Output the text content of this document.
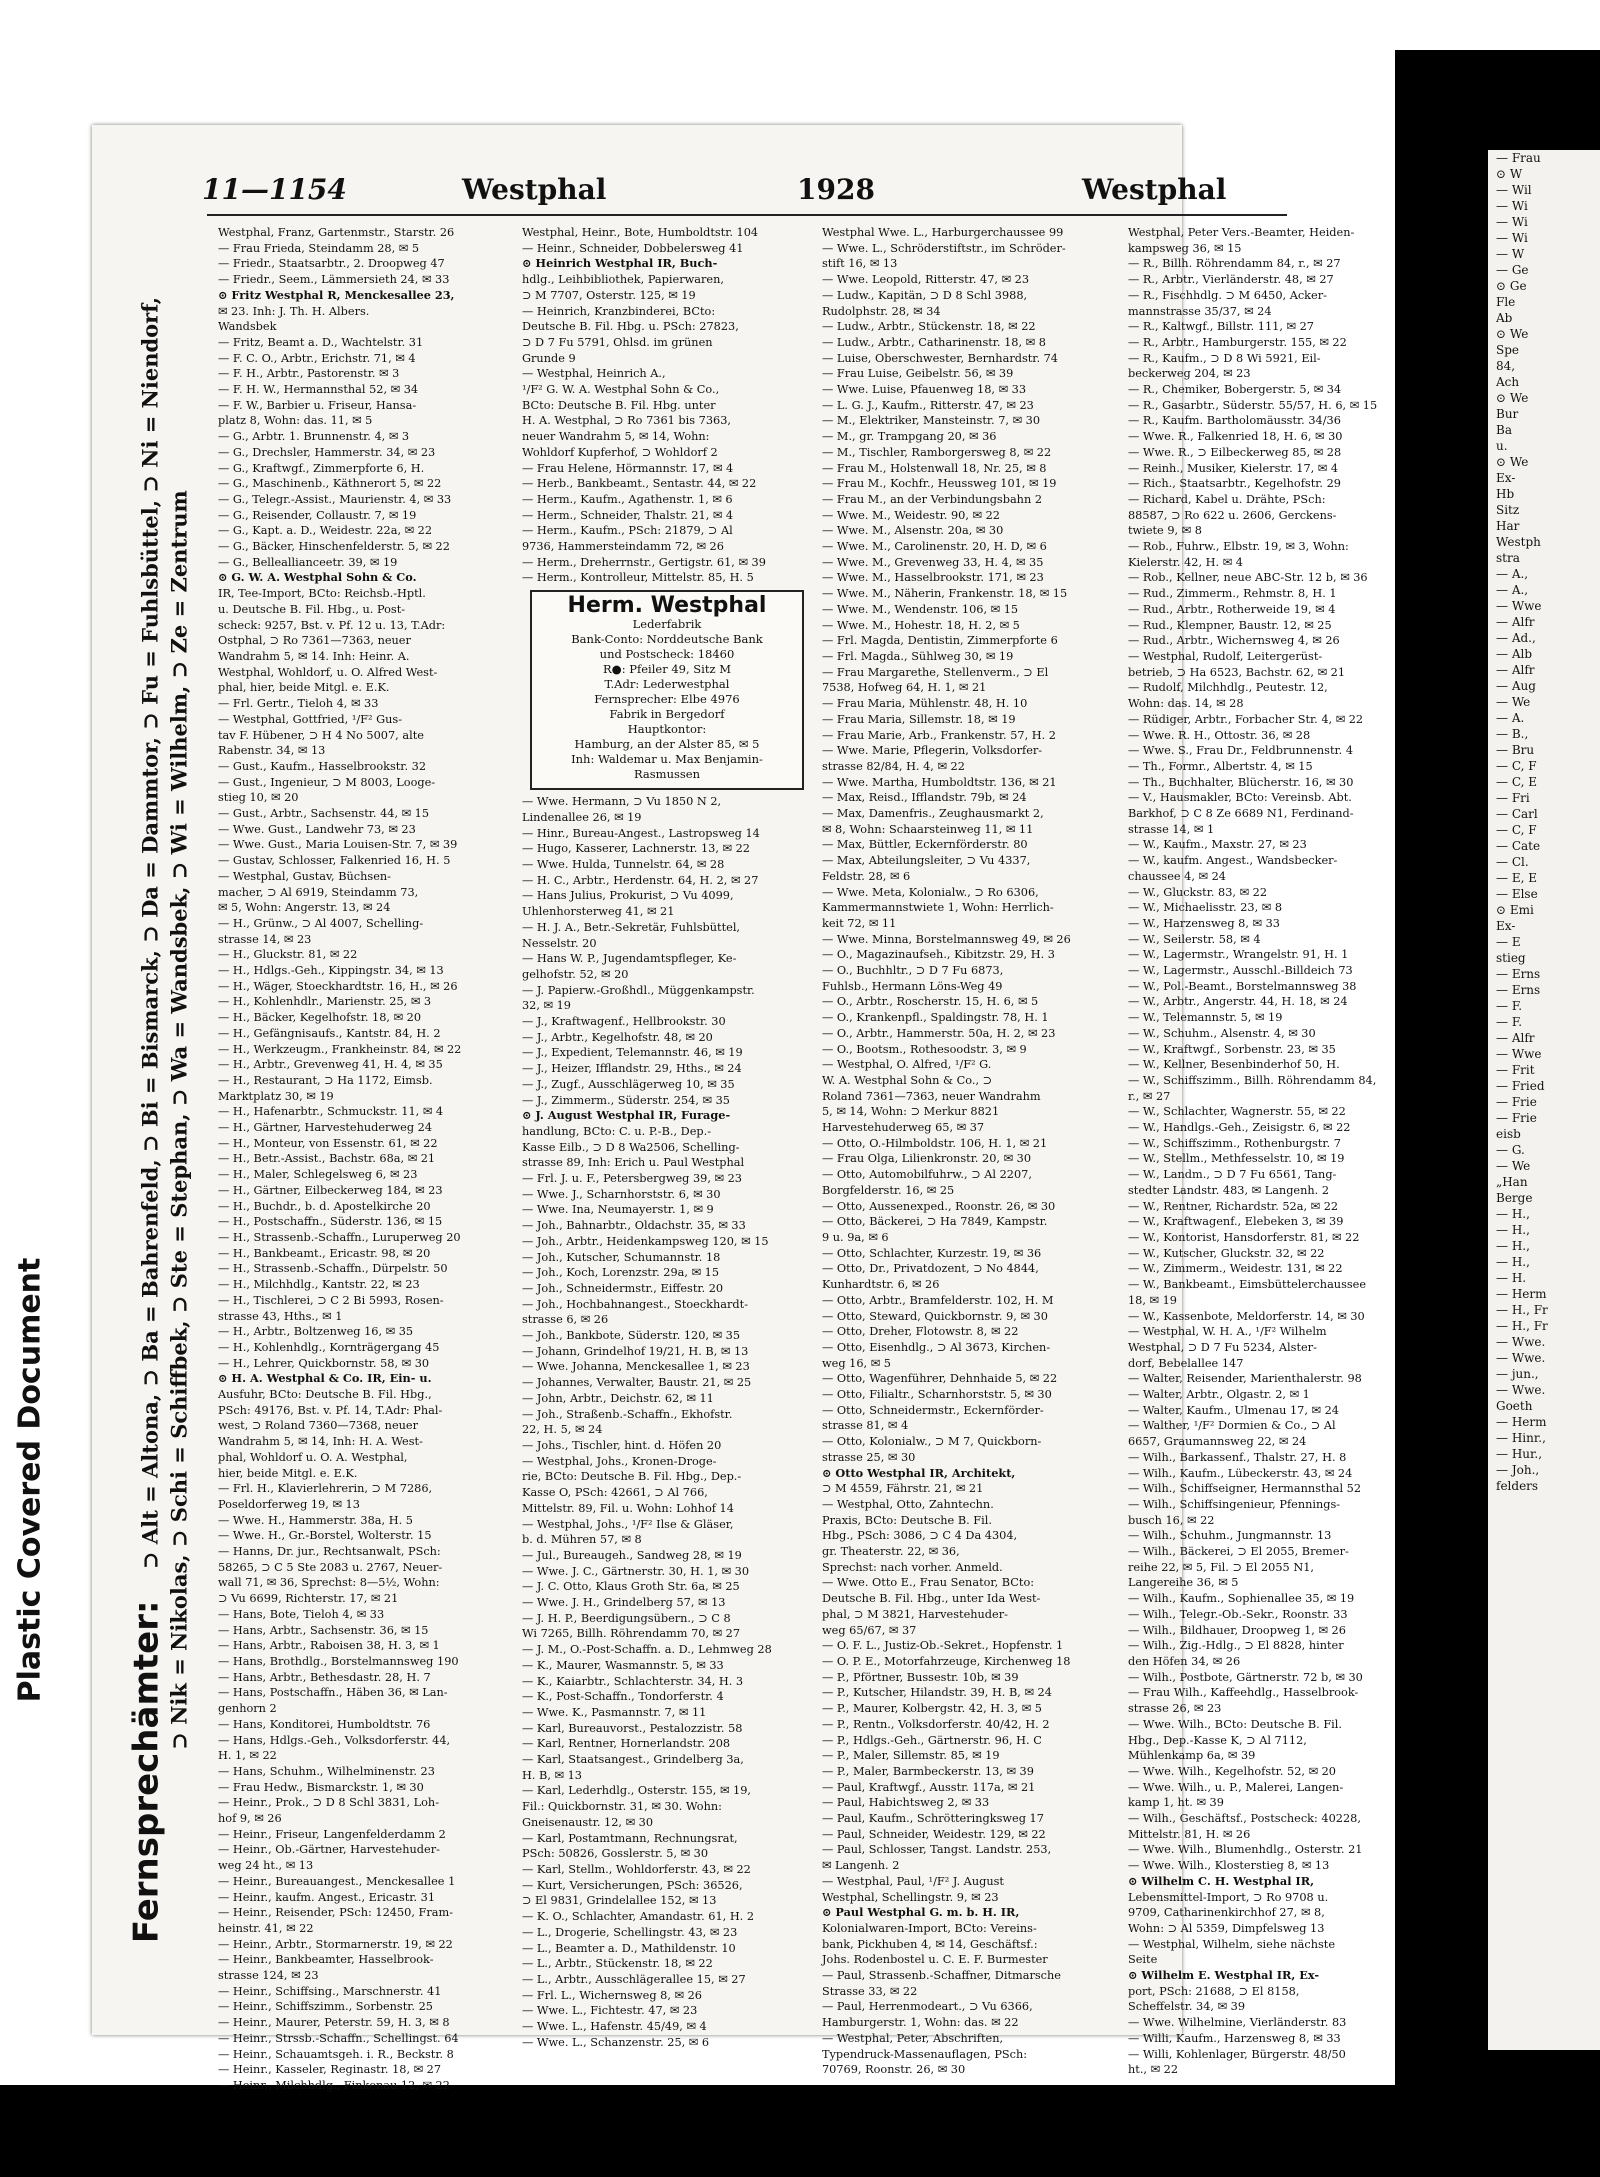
Plastic Covered Document
— Frau
⊙ W
— Wil
— Wi
— Wi
— Wi
— W
— Ge
⊙ Ge
Fle
Ab
⊙ We
Spe
84,
Ach
⊙ We
Bur
Ba
u.
⊙ We
Ex-
Hb
Sitz
Har
Westph
stra
— A.,
— A.,
— Wwe
— Alfr
— Ad.,
— Alb
— Alfr
— Aug
— We
— A.
— B.,
— Bru
— C, F
— C, E
— Fri
— Carl
— C, F
— Cate
— Cl.
— E, E
— Else
⊙ Emi
Ex-
— E
stieg
— Erns
— Erns
— F.
— F.
— Alfr
— Wwe
— Frit
— Fried
— Frie
— Frie
eisb
— G.
— We
„Han
Berge
— H.,
— H.,
— H.,
— H.,
— H.
— Herm
— H., Fr
— H., Fr
— Wwe.
— Wwe.
— jun.,
— Wwe.
Goeth
— Herm
— Hinr.,
— Hur.,
— Joh.,
felders
11—1154	Westphal	1928	Westphal
Fernsprechämter: ⊃ Alt = Altona, ⊃ Ba = Bahrenfeld, ⊃ Bi = Bismarck, ⊃ Da = Dammtor, ⊃ Fu = Fuhlsbüttel, ⊃ Ni = Niendorf, ⊃ Nik = Nikolas, ⊃ Schi = Schiffbek, ⊃ Ste = Stephan, ⊃ Wa = Wandsbek, ⊃ Wi = Wilhelm, ⊃ Ze = Zentrum
Westphal, Franz, Gartenmstr., Starstr. 26
— Frau Frieda, Steindamm 28, ✉ 5
— Friedr., Staatsarbtr., 2. Droopweg 47
— Friedr., Seem., Lämmersieth 24, ✉ 33
⊙ Fritz Westphal R, Menckesallee 23,
✉ 23. Inh: J. Th. H. Albers.
Wandsbek
— Fritz, Beamt a. D., Wachtelstr. 31
— F. C. O., Arbtr., Erichstr. 71, ✉ 4
— F. H., Arbtr., Pastorenstr. ✉ 3
— F. H. W., Hermannsthal 52, ✉ 34
— F. W., Barbier u. Friseur, Hansa-
platz 8, Wohn: das. 11, ✉ 5
— G., Arbtr. 1. Brunnenstr. 4, ✉ 3
— G., Drechsler, Hammerstr. 34, ✉ 23
— G., Kraftwgf., Zimmerpforte 6, H.
— G., Maschinenb., Käthnerort 5, ✉ 22
— G., Telegr.-Assist., Maurienstr. 4, ✉ 33
— G., Reisender, Collaustr. 7, ✉ 19
— G., Kapt. a. D., Weidestr. 22a, ✉ 22
— G., Bäcker, Hinschenfelderstr. 5, ✉ 22
— G., Belleallianceetr. 39, ✉ 19
⊙ G. W. A. Westphal Sohn & Co.
IR, Tee-Import, BCto: Reichsb.-Hptl.
u. Deutsche B. Fil. Hbg., u. Post-
scheck: 9257, Bst. v. Pf. 12 u. 13, T.Adr:
Ostphal, ⊃ Ro 7361—7363, neuer
Wandrahm 5, ✉ 14. Inh: Heinr. A.
Westphal, Wohldorf, u. O. Alfred West-
phal, hier, beide Mitgl. e. E.K.
— Frl. Gertr., Tieloh 4, ✉ 33
— Westphal, Gottfried, ¹/F² Gus-
tav F. Hübener, ⊃ H 4 No 5007, alte
Rabenstr. 34, ✉ 13
— Gust., Kaufm., Hasselbrookstr. 32
— Gust., Ingenieur, ⊃ M 8003, Looge-
stieg 10, ✉ 20
— Gust., Arbtr., Sachsenstr. 44, ✉ 15
— Wwe. Gust., Landwehr 73, ✉ 23
— Wwe. Gust., Maria Louisen-Str. 7, ✉ 39
— Gustav, Schlosser, Falkenried 16, H. 5
— Westphal, Gustav, Büchsen-
macher, ⊃ Al 6919, Steindamm 73,
✉ 5, Wohn: Angerstr. 13, ✉ 24
— H., Grünw., ⊃ Al 4007, Schelling-
strasse 14, ✉ 23
— H., Gluckstr. 81, ✉ 22
— H., Hdlgs.-Geh., Kippingstr. 34, ✉ 13
— H., Wäger, Stoeckhardtstr. 16, H., ✉ 26
— H., Kohlenhdlr., Marienstr. 25, ✉ 3
— H., Bäcker, Kegelhofstr. 18, ✉ 20
— H., Gefängnisaufs., Kantstr. 84, H. 2
— H., Werkzeugm., Frankheinstr. 84, ✉ 22
— H., Arbtr., Grevenweg 41, H. 4, ✉ 35
— H., Restaurant, ⊃ Ha 1172, Eimsb.
Marktplatz 30, ✉ 19
— H., Hafenarbtr., Schmuckstr. 11, ✉ 4
— H., Gärtner, Harvestehuderweg 24
— H., Monteur, von Essenstr. 61, ✉ 22
— H., Betr.-Assist., Bachstr. 68a, ✉ 21
— H., Maler, Schlegelsweg 6, ✉ 23
— H., Gärtner, Eilbeckerweg 184, ✉ 23
— H., Buchdr., b. d. Apostelkirche 20
— H., Postschaffn., Süderstr. 136, ✉ 15
— H., Strassenb.-Schaffn., Luruperweg 20
— H., Bankbeamt., Ericastr. 98, ✉ 20
— H., Strassenb.-Schaffn., Dürpelstr. 50
— H., Milchhdlg., Kantstr. 22, ✉ 23
— H., Tischlerei, ⊃ C 2 Bi 5993, Rosen-
strasse 43, Hths., ✉ 1
— H., Arbtr., Boltzenweg 16, ✉ 35
— H., Kohlenhdlg., Kornträgergang 45
— H., Lehrer, Quickbornstr. 58, ✉ 30
⊙ H. A. Westphal & Co. IR, Ein- u.
Ausfuhr, BCto: Deutsche B. Fil. Hbg.,
PSch: 49176, Bst. v. Pf. 14, T.Adr: Phal-
west, ⊃ Roland 7360—7368, neuer
Wandrahm 5, ✉ 14, Inh: H. A. West-
phal, Wohldorf u. O. A. Westphal,
hier, beide Mitgl. e. E.K.
— Frl. H., Klavierlehrerin, ⊃ M 7286,
Poseldorferweg 19, ✉ 13
— Wwe. H., Hammerstr. 38a, H. 5
— Wwe. H., Gr.-Borstel, Wolterstr. 15
— Hanns, Dr. jur., Rechtsanwalt, PSch:
58265, ⊃ C 5 Ste 2083 u. 2767, Neuer-
wall 71, ✉ 36, Sprechst: 8—5½, Wohn:
⊃ Vu 6699, Richterstr. 17, ✉ 21
— Hans, Bote, Tieloh 4, ✉ 33
— Hans, Arbtr., Sachsenstr. 36, ✉ 15
— Hans, Arbtr., Raboisen 38, H. 3, ✉ 1
— Hans, Brothdlg., Borstelmannsweg 190
— Hans, Arbtr., Bethesdastr. 28, H. 7
— Hans, Postschaffn., Häben 36, ✉ Lan-
genhorn 2
— Hans, Konditorei, Humboldtstr. 76
— Hans, Hdlgs.-Geh., Volksdorferstr. 44,
H. 1, ✉ 22
— Hans, Schuhm., Wilhelminenstr. 23
— Frau Hedw., Bismarckstr. 1, ✉ 30
— Heinr., Prok., ⊃ D 8 Schl 3831, Loh-
hof 9, ✉ 26
— Heinr., Friseur, Langenfelderdamm 2
— Heinr., Ob.-Gärtner, Harvestehuder-
weg 24 ht., ✉ 13
— Heinr., Bureauangest., Menckesallee 1
— Heinr., kaufm. Angest., Ericastr. 31
— Heinr., Reisender, PSch: 12450, Fram-
heinstr. 41, ✉ 22
— Heinr., Arbtr., Stormarnerstr. 19, ✉ 22
— Heinr., Bankbeamter, Hasselbrook-
strasse 124, ✉ 23
— Heinr., Schiffsing., Marschnerstr. 41
— Heinr., Schiffszimm., Sorbenstr. 25
— Heinr., Maurer, Peterstr. 59, H. 3, ✉ 8
— Heinr., Strssb.-Schaffn., Schellingst. 64
— Heinr., Schauamtsgeh. i. R., Beckstr. 8
— Heinr., Kasseler, Reginastr. 18, ✉ 27
— Heinr., Milchhdlg., Finkenau 12, ✉ 22
Westphal, Heinr., Bote, Humboldtstr. 104
— Heinr., Schneider, Dobbelersweg 41
⊙ Heinrich Westphal IR, Buch-
hdlg., Leihbibliothek, Papierwaren,
⊃ M 7707, Osterstr. 125, ✉ 19
— Heinrich, Kranzbinderei, BCto:
Deutsche B. Fil. Hbg. u. PSch: 27823,
⊃ D 7 Fu 5791, Ohlsd. im grünen
Grunde 9
— Westphal, Heinrich A.,
¹/F² G. W. A. Westphal Sohn & Co.,
BCto: Deutsche B. Fil. Hbg. unter
H. A. Westphal, ⊃ Ro 7361 bis 7363,
neuer Wandrahm 5, ✉ 14, Wohn:
Wohldorf Kupferhof, ⊃ Wohldorf 2
— Frau Helene, Hörmannstr. 17, ✉ 4
— Herb., Bankbeamt., Sentastr. 44, ✉ 22
— Herm., Kaufm., Agathenstr. 1, ✉ 6
— Herm., Schneider, Thalstr. 21, ✉ 4
— Herm., Kaufm., PSch: 21879, ⊃ Al
9736, Hammersteindamm 72, ✉ 26
— Herm., Dreherrnstr., Gertigstr. 61, ✉ 39
— Herm., Kontrolleur, Mittelstr. 85, H. 5
Herm. Westphal
Lederfabrik
Bank-Conto: Norddeutsche Bank
und Postscheck: 18460
R●: Pfeiler 49, Sitz M
T.Adr: Lederwestphal
Fernsprecher: Elbe 4976
Fabrik in Bergedorf
Hauptkontor:
Hamburg, an der Alster 85, ✉ 5
Inh: Waldemar u. Max Benjamin-
Rasmussen
— Wwe. Hermann, ⊃ Vu 1850 N 2,
Lindenallee 26, ✉ 19
— Hinr., Bureau-Angest., Lastropsweg 14
— Hugo, Kasserer, Lachnerstr. 13, ✉ 22
— Wwe. Hulda, Tunnelstr. 64, ✉ 28
— H. C., Arbtr., Herdenstr. 64, H. 2, ✉ 27
— Hans Julius, Prokurist, ⊃ Vu 4099,
Uhlenhorsterweg 41, ✉ 21
— H. J. A., Betr.-Sekretär, Fuhlsbüttel,
Nesselstr. 20
— Hans W. P., Jugendamtspfleger, Ke-
gelhofstr. 52, ✉ 20
— J. Papierw.-Großhdl., Müggenkampstr.
32, ✉ 19
— J., Kraftwagenf., Hellbrookstr. 30
— J., Arbtr., Kegelhofstr. 48, ✉ 20
— J., Expedient, Telemannstr. 46, ✉ 19
— J., Heizer, Ifflandstr. 29, Hths., ✉ 24
— J., Zugf., Ausschlägerweg 10, ✉ 35
— J., Zimmerm., Süderstr. 254, ✉ 35
⊙ J. August Westphal IR, Furage-
handlung, BCto: C. u. P.-B., Dep.-
Kasse Eilb., ⊃ D 8 Wa2506, Schelling-
strasse 89, Inh: Erich u. Paul Westphal
— Frl. J. u. F., Petersbergweg 39, ✉ 23
— Wwe. J., Scharnhorststr. 6, ✉ 30
— Wwe. Ina, Neumayerstr. 1, ✉ 9
— Joh., Bahnarbtr., Oldachstr. 35, ✉ 33
— Joh., Arbtr., Heidenkampsweg 120, ✉ 15
— Joh., Kutscher, Schumannstr. 18
— Joh., Koch, Lorenzstr. 29a, ✉ 15
— Joh., Schneidermstr., Eiffestr. 20
— Joh., Hochbahnangest., Stoeckhardt-
strasse 6, ✉ 26
— Joh., Bankbote, Süderstr. 120, ✉ 35
— Johann, Grindelhof 19/21, H. B, ✉ 13
— Wwe. Johanna, Menckesallee 1, ✉ 23
— Johannes, Verwalter, Baustr. 21, ✉ 25
— John, Arbtr., Deichstr. 62, ✉ 11
— Joh., Straßenb.-Schaffn., Ekhofstr.
22, H. 5, ✉ 24
— Johs., Tischler, hint. d. Höfen 20
— Westphal, Johs., Kronen-Droge-
rie, BCto: Deutsche B. Fil. Hbg., Dep.-
Kasse O, PSch: 42661, ⊃ Al 766,
Mittelstr. 89, Fil. u. Wohn: Lohhof 14
— Westphal, Johs., ¹/F² Ilse & Gläser,
b. d. Mühren 57, ✉ 8
— Jul., Bureaugeh., Sandweg 28, ✉ 19
— Wwe. J. C., Gärtnerstr. 30, H. 1, ✉ 30
— J. C. Otto, Klaus Groth Str. 6a, ✉ 25
— Wwe. J. H., Grindelberg 57, ✉ 13
— J. H. P., Beerdigungsübern., ⊃ C 8
Wi 7265, Billh. Röhrendamm 70, ✉ 27
— J. M., O.-Post-Schaffn. a. D., Lehmweg 28
— K., Maurer, Wasmannstr. 5, ✉ 33
— K., Kaiarbtr., Schlachterstr. 34, H. 3
— K., Post-Schaffn., Tondorferstr. 4
— Wwe. K., Pasmannstr. 7, ✉ 11
— Karl, Bureauvorst., Pestalozzistr. 58
— Karl, Rentner, Hornerlandstr. 208
— Karl, Staatsangest., Grindelberg 3a,
H. B, ✉ 13
— Karl, Lederhdlg., Osterstr. 155, ✉ 19,
Fil.: Quickbornstr. 31, ✉ 30. Wohn:
Gneisenaustr. 12, ✉ 30
— Karl, Postamtmann, Rechnungsrat,
PSch: 50826, Gosslerstr. 5, ✉ 30
— Karl, Stellm., Wohldorferstr. 43, ✉ 22
— Kurt, Versicherungen, PSch: 36526,
⊃ El 9831, Grindelallee 152, ✉ 13
— K. O., Schlachter, Amandastr. 61, H. 2
— L., Drogerie, Schellingstr. 43, ✉ 23
— L., Beamter a. D., Mathildenstr. 10
— L., Arbtr., Stückenstr. 18, ✉ 22
— L., Arbtr., Ausschlägerallee 15, ✉ 27
— Frl. L., Wichernsweg 8, ✉ 26
— Wwe. L., Fichtestr. 47, ✉ 23
— Wwe. L., Hafenstr. 45/49, ✉ 4
— Wwe. L., Schanzenstr. 25, ✉ 6
Westphal Wwe. L., Harburgerchaussee 99
— Wwe. L., Schröderstiftstr., im Schröder-
stift 16, ✉ 13
— Wwe. Leopold, Ritterstr. 47, ✉ 23
— Ludw., Kapitän, ⊃ D 8 Schl 3988,
Rudolphstr. 28, ✉ 34
— Ludw., Arbtr., Stückenstr. 18, ✉ 22
— Ludw., Arbtr., Catharinenstr. 18, ✉ 8
— Luise, Oberschwester, Bernhardstr. 74
— Frau Luise, Geibelstr. 56, ✉ 39
— Wwe. Luise, Pfauenweg 18, ✉ 33
— L. G. J., Kaufm., Ritterstr. 47, ✉ 23
— M., Elektriker, Mansteinstr. 7, ✉ 30
— M., gr. Trampgang 20, ✉ 36
— M., Tischler, Ramborgersweg 8, ✉ 22
— Frau M., Holstenwall 18, Nr. 25, ✉ 8
— Frau M., Kochfr., Heussweg 101, ✉ 19
— Frau M., an der Verbindungsbahn 2
— Wwe. M., Weidestr. 90, ✉ 22
— Wwe. M., Alsenstr. 20a, ✉ 30
— Wwe. M., Carolinenstr. 20, H. D, ✉ 6
— Wwe. M., Grevenweg 33, H. 4, ✉ 35
— Wwe. M., Hasselbrookstr. 171, ✉ 23
— Wwe. M., Näherin, Frankenstr. 18, ✉ 15
— Wwe. M., Wendenstr. 106, ✉ 15
— Wwe. M., Hohestr. 18, H. 2, ✉ 5
— Frl. Magda, Dentistin, Zimmerpforte 6
— Frl. Magda., Sühlweg 30, ✉ 19
— Frau Margarethe, Stellenverm., ⊃ El
7538, Hofweg 64, H. 1, ✉ 21
— Frau Maria, Mühlenstr. 48, H. 10
— Frau Maria, Sillemstr. 18, ✉ 19
— Frau Marie, Arb., Frankenstr. 57, H. 2
— Wwe. Marie, Pflegerin, Volksdorfer-
strasse 82/84, H. 4, ✉ 22
— Wwe. Martha, Humboldtstr. 136, ✉ 21
— Max, Reisd., Ifflandstr. 79b, ✉ 24
— Max, Damenfris., Zeughausmarkt 2,
✉ 8, Wohn: Schaarsteinweg 11, ✉ 11
— Max, Büttler, Eckernförderstr. 80
— Max, Abteilungsleiter, ⊃ Vu 4337,
Feldstr. 28, ✉ 6
— Wwe. Meta, Kolonialw., ⊃ Ro 6306,
Kammermannstwiete 1, Wohn: Herrlich-
keit 72, ✉ 11
— Wwe. Minna, Borstelmannsweg 49, ✉ 26
— O., Magazinaufseh., Kibitzstr. 29, H. 3
— O., Buchhltr., ⊃ D 7 Fu 6873,
Fuhlsb., Hermann Löns-Weg 49
— O., Arbtr., Roscherstr. 15, H. 6, ✉ 5
— O., Krankenpfl., Spaldingstr. 78, H. 1
— O., Arbtr., Hammerstr. 50a, H. 2, ✉ 23
— O., Bootsm., Rothesoodstr. 3, ✉ 9
— Westphal, O. Alfred, ¹/F² G.
W. A. Westphal Sohn & Co., ⊃
Roland 7361—7363, neuer Wandrahm
5, ✉ 14, Wohn: ⊃ Merkur 8821
Harvestehuderweg 65, ✉ 37
— Otto, O.-Hilmboldstr. 106, H. 1, ✉ 21
— Frau Olga, Lilienkronstr. 20, ✉ 30
— Otto, Automobilfuhrw., ⊃ Al 2207,
Borgfelderstr. 16, ✉ 25
— Otto, Aussenexped., Roonstr. 26, ✉ 30
— Otto, Bäckerei, ⊃ Ha 7849, Kampstr.
9 u. 9a, ✉ 6
— Otto, Schlachter, Kurzestr. 19, ✉ 36
— Otto, Dr., Privatdozent, ⊃ No 4844,
Kunhardtstr. 6, ✉ 26
— Otto, Arbtr., Bramfelderstr. 102, H. M
— Otto, Steward, Quickbornstr. 9, ✉ 30
— Otto, Dreher, Flotowstr. 8, ✉ 22
— Otto, Eisenhdlg., ⊃ Al 3673, Kirchen-
weg 16, ✉ 5
— Otto, Wagenführer, Dehnhaide 5, ✉ 22
— Otto, Filialtr., Scharnhorststr. 5, ✉ 30
— Otto, Schneidermstr., Eckernförder-
strasse 81, ✉ 4
— Otto, Kolonialw., ⊃ M 7, Quickborn-
strasse 25, ✉ 30
⊙ Otto Westphal IR, Architekt,
⊃ M 4559, Fährstr. 21, ✉ 21
— Westphal, Otto, Zahntechn.
Praxis, BCto: Deutsche B. Fil.
Hbg., PSch: 3086, ⊃ C 4 Da 4304,
gr. Theaterstr. 22, ✉ 36,
Sprechst: nach vorher. Anmeld.
— Wwe. Otto E., Frau Senator, BCto:
Deutsche B. Fil. Hbg., unter Ida West-
phal, ⊃ M 3821, Harvestehuder-
weg 65/67, ✉ 37
— O. F. L., Justiz-Ob.-Sekret., Hopfenstr. 1
— O. P. E., Motorfahrzeuge, Kirchenweg 18
— P., Pförtner, Bussestr. 10b, ✉ 39
— P., Kutscher, Hilandstr. 39, H. B, ✉ 24
— P., Maurer, Kolbergstr. 42, H. 3, ✉ 5
— P., Rentn., Volksdorferstr. 40/42, H. 2
— P., Hdlgs.-Geh., Gärtnerstr. 96, H. C
— P., Maler, Sillemstr. 85, ✉ 19
— P., Maler, Barmbeckerstr. 13, ✉ 39
— Paul, Kraftwgf., Ausstr. 117a, ✉ 21
— Paul, Habichtsweg 2, ✉ 33
— Paul, Kaufm., Schrötteringksweg 17
— Paul, Schneider, Weidestr. 129, ✉ 22
— Paul, Schlosser, Tangst. Landstr. 253,
✉ Langenh. 2
— Westphal, Paul, ¹/F² J. August
Westphal, Schellingstr. 9, ✉ 23
⊙ Paul Westphal G. m. b. H. IR,
Kolonialwaren-Import, BCto: Vereins-
bank, Pickhuben 4, ✉ 14, Geschäftsf.:
Johs. Rodenbostel u. C. E. F. Burmester
— Paul, Strassenb.-Schaffner, Ditmarsche
Strasse 33, ✉ 22
— Paul, Herrenmodeart., ⊃ Vu 6366,
Hamburgerstr. 1, Wohn: das. ✉ 22
— Westphal, Peter, Abschriften,
Typendruck-Massenauflagen, PSch:
70769, Roonstr. 26, ✉ 30
Westphal, Peter Vers.-Beamter, Heiden-
kampsweg 36, ✉ 15
— R., Billh. Röhrendamm 84, r., ✉ 27
— R., Arbtr., Vierländerstr. 48, ✉ 27
— R., Fischhdlg. ⊃ M 6450, Acker-
mannstrasse 35/37, ✉ 24
— R., Kaltwgf., Billstr. 111, ✉ 27
— R., Arbtr., Hamburgerstr. 155, ✉ 22
— R., Kaufm., ⊃ D 8 Wi 5921, Eil-
beckerweg 204, ✉ 23
— R., Chemiker, Bobergerstr. 5, ✉ 34
— R., Gasarbtr., Süderstr. 55/57, H. 6, ✉ 15
— R., Kaufm. Bartholomäusstr. 34/36
— Wwe. R., Falkenried 18, H. 6, ✉ 30
— Wwe. R., ⊃ Eilbeckerweg 85, ✉ 28
— Reinh., Musiker, Kielerstr. 17, ✉ 4
— Rich., Staatsarbtr., Kegelhofstr. 29
— Richard, Kabel u. Drähte, PSch:
88587, ⊃ Ro 622 u. 2606, Gerckens-
twiete 9, ✉ 8
— Rob., Fuhrw., Elbstr. 19, ✉ 3, Wohn:
Kielerstr. 42, H. ✉ 4
— Rob., Kellner, neue ABC-Str. 12 b, ✉ 36
— Rud., Zimmerm., Rehmstr. 8, H. 1
— Rud., Arbtr., Rotherweide 19, ✉ 4
— Rud., Klempner, Baustr. 12, ✉ 25
— Rud., Arbtr., Wichernsweg 4, ✉ 26
— Westphal, Rudolf, Leitergerüst-
betrieb, ⊃ Ha 6523, Bachstr. 62, ✉ 21
— Rudolf, Milchhdlg., Peutestr. 12,
Wohn: das. 14, ✉ 28
— Rüdiger, Arbtr., Forbacher Str. 4, ✉ 22
— Wwe. R. H., Ottostr. 36, ✉ 28
— Wwe. S., Frau Dr., Feldbrunnenstr. 4
— Th., Formr., Albertstr. 4, ✉ 15
— Th., Buchhalter, Blücherstr. 16, ✉ 30
— V., Hausmakler, BCto: Vereinsb. Abt.
Barkhof, ⊃ C 8 Ze 6689 N1, Ferdinand-
strasse 14, ✉ 1
— W., Kaufm., Maxstr. 27, ✉ 23
— W., kaufm. Angest., Wandsbecker-
chaussee 4, ✉ 24
— W., Gluckstr. 83, ✉ 22
— W., Michaelisstr. 23, ✉ 8
— W., Harzensweg 8, ✉ 33
— W., Seilerstr. 58, ✉ 4
— W., Lagermstr., Wrangelstr. 91, H. 1
— W., Lagermstr., Ausschl.-Billdeich 73
— W., Pol.-Beamt., Borstelmannsweg 38
— W., Arbtr., Angerstr. 44, H. 18, ✉ 24
— W., Telemannstr. 5, ✉ 19
— W., Schuhm., Alsenstr. 4, ✉ 30
— W., Kraftwgf., Sorbenstr. 23, ✉ 35
— W., Kellner, Besenbinderhof 50, H.
— W., Schiffszimm., Billh. Röhrendamm 84,
r., ✉ 27
— W., Schlachter, Wagnerstr. 55, ✉ 22
— W., Handlgs.-Geh., Zeisigstr. 6, ✉ 22
— W., Schiffszimm., Rothenburgstr. 7
— W., Stellm., Methfesselstr. 10, ✉ 19
— W., Landm., ⊃ D 7 Fu 6561, Tang-
stedter Landstr. 483, ✉ Langenh. 2
— W., Rentner, Richardstr. 52a, ✉ 22
— W., Kraftwagenf., Elebeken 3, ✉ 39
— W., Kontorist, Hansdorferstr. 81, ✉ 22
— W., Kutscher, Gluckstr. 32, ✉ 22
— W., Zimmerm., Weidestr. 131, ✉ 22
— W., Bankbeamt., Eimsbüttelerchaussee
18, ✉ 19
— W., Kassenbote, Meldorferstr. 14, ✉ 30
— Westphal, W. H. A., ¹/F² Wilhelm
Westphal, ⊃ D 7 Fu 5234, Alster-
dorf, Bebelallee 147
— Walter, Reisender, Marienthalerstr. 98
— Walter, Arbtr., Olgastr. 2, ✉ 1
— Walter, Kaufm., Ulmenau 17, ✉ 24
— Walther, ¹/F² Dormien & Co., ⊃ Al
6657, Graumannsweg 22, ✉ 24
— Wilh., Barkassenf., Thalstr. 27, H. 8
— Wilh., Kaufm., Lübeckerstr. 43, ✉ 24
— Wilh., Schiffseigner, Hermannsthal 52
— Wilh., Schiffsingenieur, Pfennings-
busch 16, ✉ 22
— Wilh., Schuhm., Jungmannstr. 13
— Wilh., Bäckerei, ⊃ El 2055, Bremer-
reihe 22, ✉ 5, Fil. ⊃ El 2055 N1,
Langereihe 36, ✉ 5
— Wilh., Kaufm., Sophienallee 35, ✉ 19
— Wilh., Telegr.-Ob.-Sekr., Roonstr. 33
— Wilh., Bildhauer, Droopweg 1, ✉ 26
— Wilh., Zig.-Hdlg., ⊃ El 8828, hinter
den Höfen 34, ✉ 26
— Wilh., Postbote, Gärtnerstr. 72 b, ✉ 30
— Frau Wilh., Kaffeehdlg., Hasselbrook-
strasse 26, ✉ 23
— Wwe. Wilh., BCto: Deutsche B. Fil.
Hbg., Dep.-Kasse K, ⊃ Al 7112,
Mühlenkamp 6a, ✉ 39
— Wwe. Wilh., Kegelhofstr. 52, ✉ 20
— Wwe. Wilh., u. P., Malerei, Langen-
kamp 1, ht. ✉ 39
— Wilh., Geschäftsf., Postscheck: 40228,
Mittelstr. 81, H. ✉ 26
— Wwe. Wilh., Blumenhdlg., Osterstr. 21
— Wwe. Wilh., Klosterstieg 8, ✉ 13
⊙ Wilhelm C. H. Westphal IR,
Lebensmittel-Import, ⊃ Ro 9708 u.
9709, Catharinenkirchhof 27, ✉ 8,
Wohn: ⊃ Al 5359, Dimpfelsweg 13
— Westphal, Wilhelm, siehe nächste
Seite
⊙ Wilhelm E. Westphal IR, Ex-
port, PSch: 21688, ⊃ El 8158,
Scheffelstr. 34, ✉ 39
— Wwe. Wilhelmine, Vierländerstr. 83
— Willi, Kaufm., Harzensweg 8, ✉ 33
— Willi, Kohlenlager, Bürgerstr. 48/50
ht., ✉ 22
